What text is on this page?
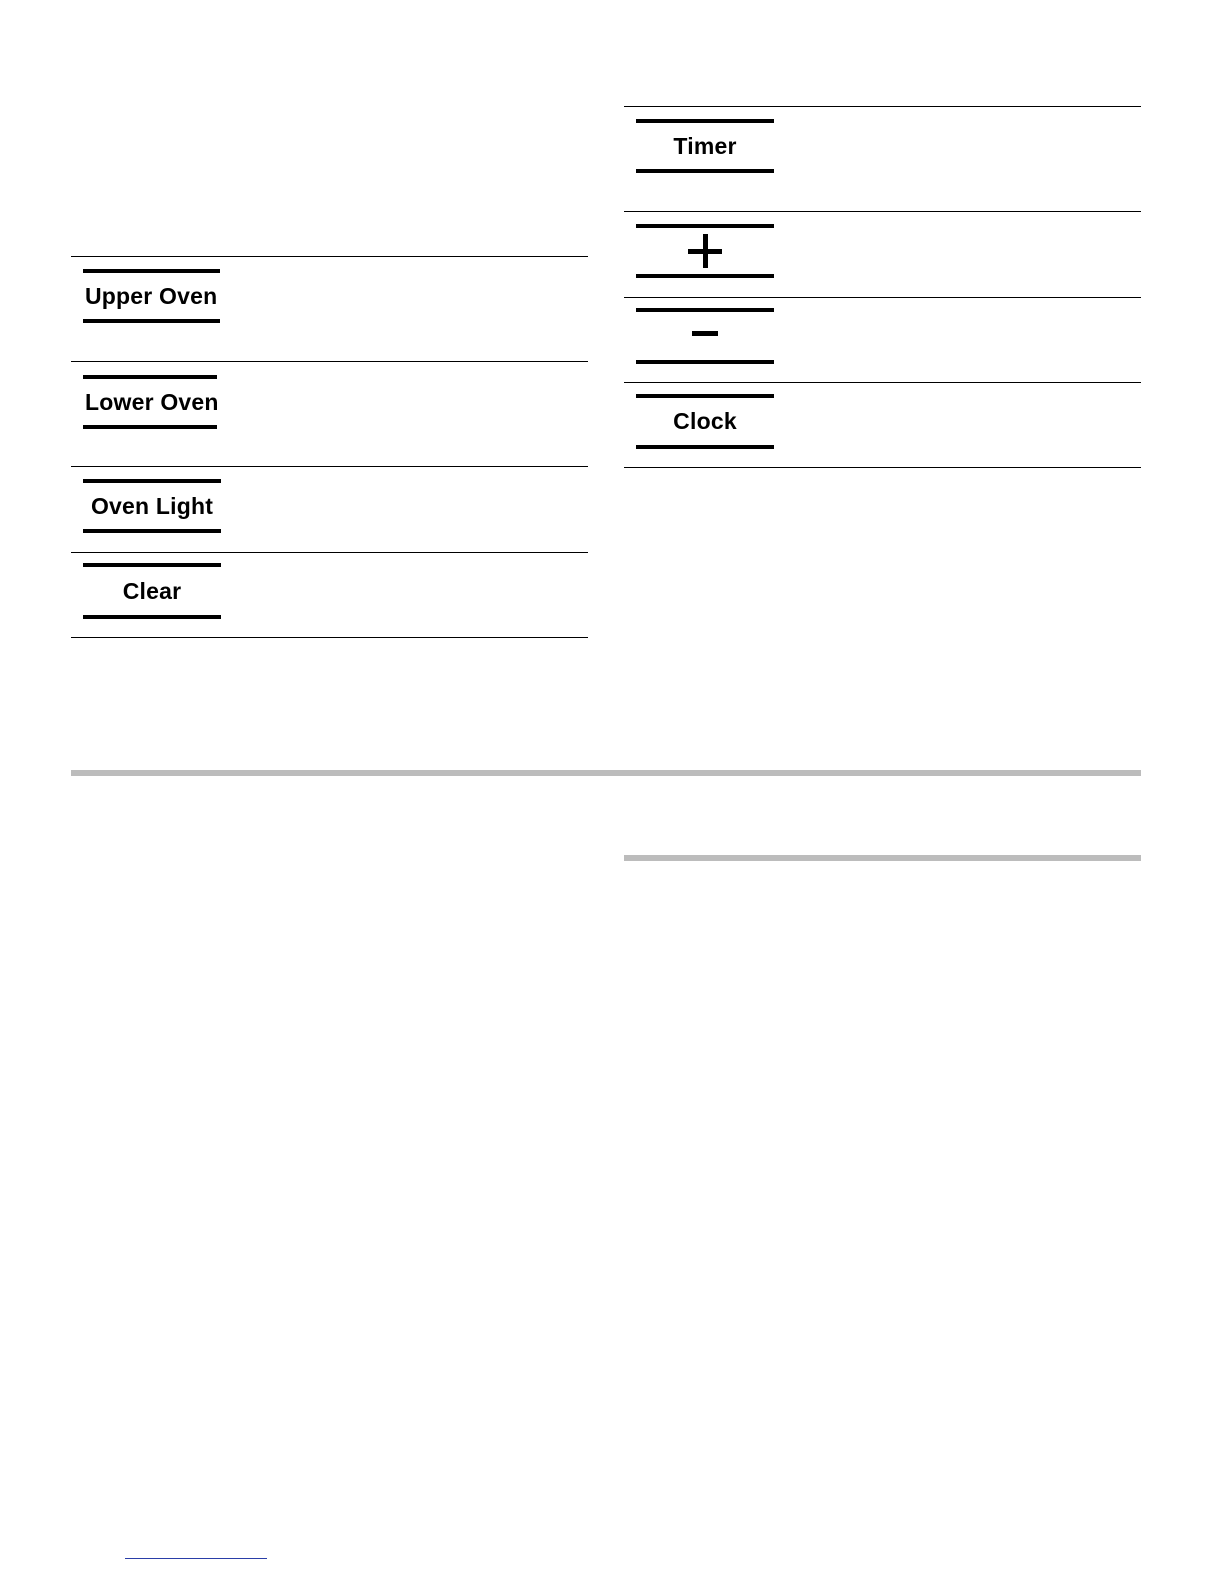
Upper Oven
Lower Oven
Oven Light
Clear
Timer
Clock
